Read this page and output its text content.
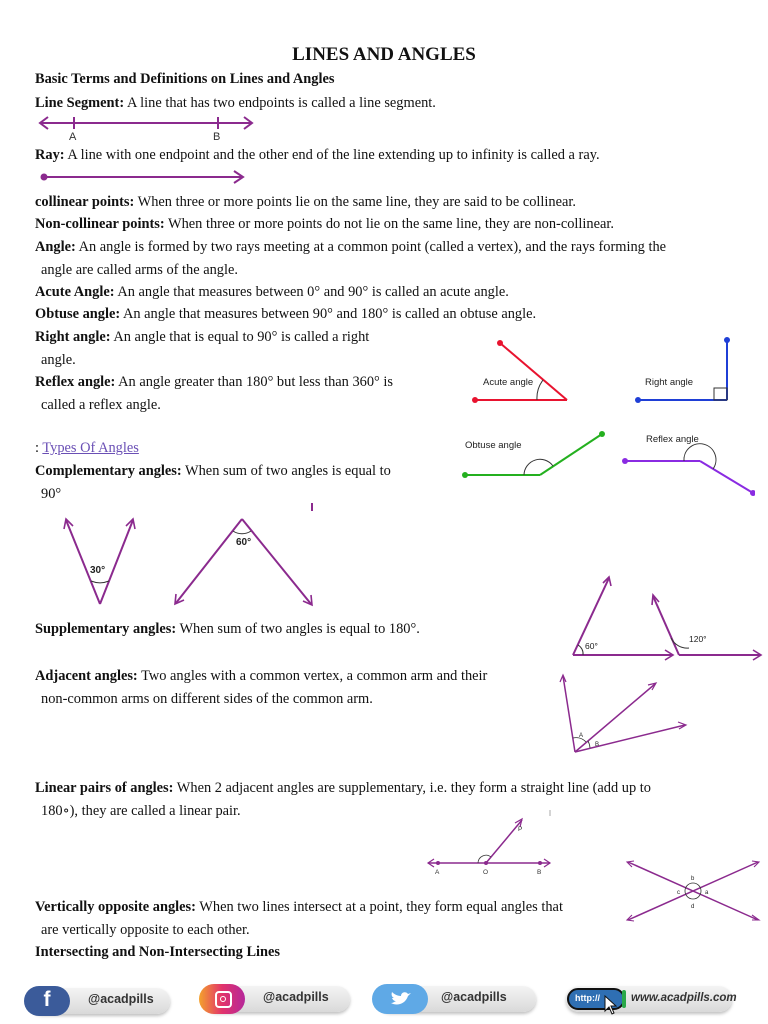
LINES AND ANGLES
Basic Terms and Definitions on Lines and Angles
Line Segment: A line that has two endpoints is called a line segment.
A	B
Ray: A line with one endpoint and the other end of the line extending up to infinity is called a ray.
collinear points: When three or more points lie on the same line, they are said to be collinear.
Non-collinear points: When three or more points do not lie on the same line, they are non-collinear.
Angle: An angle is formed by two rays meeting at a common point (called a vertex), and the rays forming the
angle are called arms of the angle.
Acute Angle: An angle that measures between 0° and 90° is called an acute angle.
Obtuse angle: An angle that measures between 90° and 180° is called an obtuse angle.
Right angle: An angle that is equal to 90° is called a right
angle.
Reflex angle: An angle greater than 180° but less than 360° is
called a reflex angle.
Acute angle	Right angle
Obtuse angle
Reflex angle
: Types Of Angles
Complementary angles: When sum of two angles is equal to
90°
30°
60°
Supplementary angles: When sum of two angles is equal to 180°.
60°
120°
Adjacent angles: Two angles with a common vertex, a common arm and their
non-common arms on different sides of the common arm.
A
B
Linear pairs of angles: When 2 adjacent angles are supplementary, i.e. they form a straight line (add up to
180∘), they are called a linear pair.
A	O	B
P
b
c	a
d
Vertically opposite angles: When two lines intersect at a point, they form equal angles that
are vertically opposite to each other.
Intersecting and Non-Intersecting Lines
f	@acadpills	@acadpills	@acadpills	http://	www.acadpills.com
